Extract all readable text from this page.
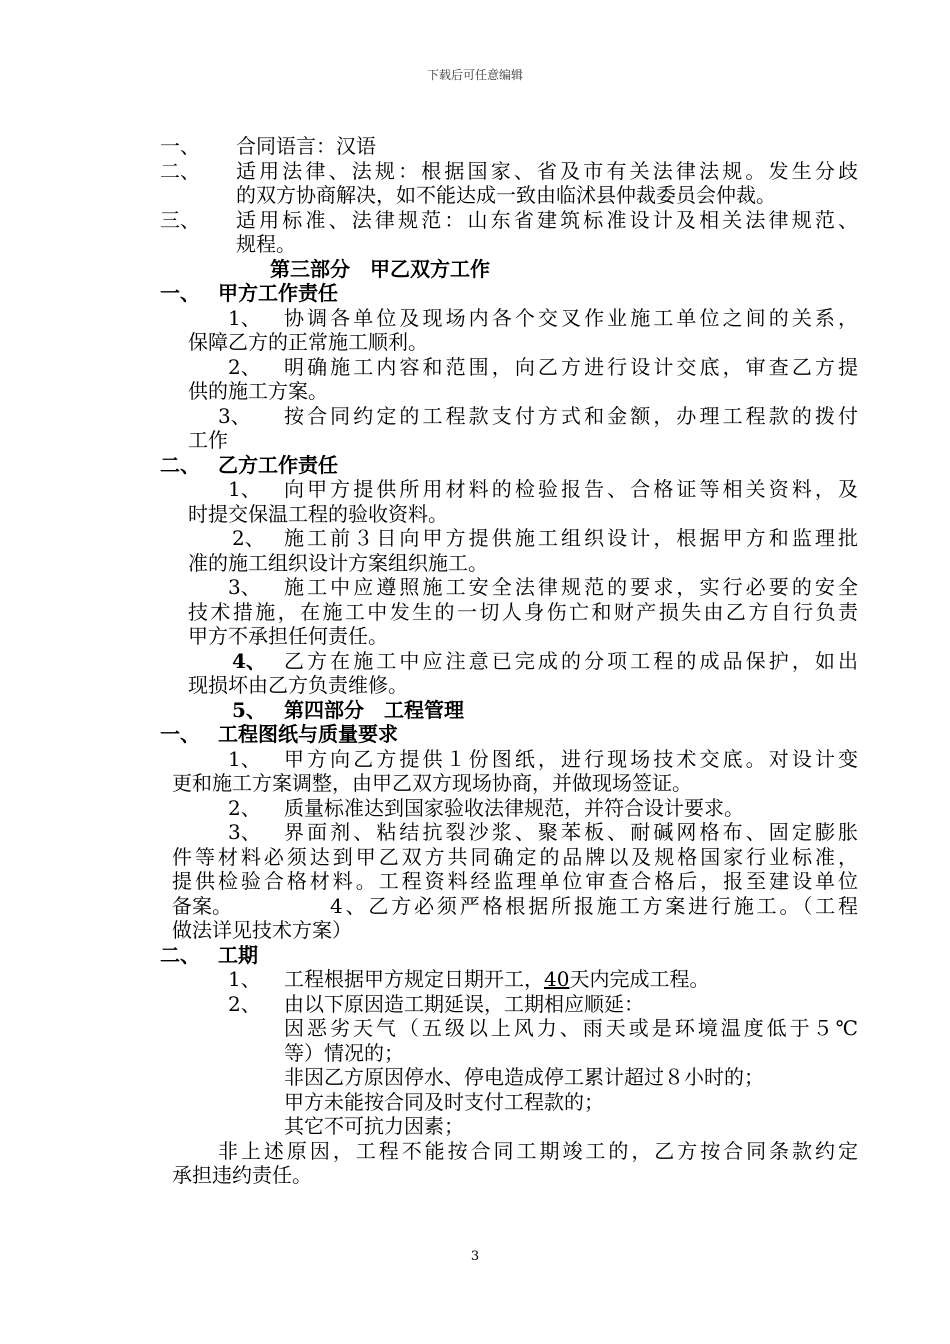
下载后可任意编辑
一、 合同语言：汉语
二、 适用法律、法规：根据国家、省及市有关法律法规。发生分歧
的双方协商解决，如不能达成一致由临沭县仲裁委员会仲裁。
三、 适用标准、法律规范：山东省建筑标准设计及相关法律规范、
规程。
第三部分　甲乙双方工作
一、 甲方工作责任
1、 协调各单位及现场内各个交叉作业施工单位之间的关系，
保障乙方的正常施工顺利。
2、 明确施工内容和范围，向乙方进行设计交底，审查乙方提
供的施工方案。
3、 按合同约定的工程款支付方式和金额，办理工程款的拨付
工作
二、 乙方工作责任
1、 向甲方提供所用材料的检验报告、合格证等相关资料，及
时提交保温工程的验收资料。
2、 施工前３日向甲方提供施工组织设计，根据甲方和监理批
准的施工组织设计方案组织施工。
3、 施工中应遵照施工安全法律规范的要求，实行必要的安全
技术措施，在施工中发生的一切人身伤亡和财产损失由乙方自行负责
甲方不承担任何责任。
4、 乙方在施工中应注意已完成的分项工程的成品保护，如出
现损坏由乙方负责维修。
5、 第四部分　工程管理
一、 工程图纸与质量要求
1、 甲方向乙方提供１份图纸，进行现场技术交底。对设计变
更和施工方案调整，由甲乙双方现场协商，并做现场签证。
2、 质量标准达到国家验收法律规范，并符合设计要求。
3、 界面剂、粘结抗裂沙浆、聚苯板、耐碱网格布、固定膨胀
件等材料必须达到甲乙双方共同确定的品牌以及规格国家行业标准，
提供检验合格材料。工程资料经监理单位审查合格后，报至建设单位
备案。	4、乙方必须严格根据所报施工方案进行施工。（工程
做法详见技术方案）
二、 工期
1、 工程根据甲方规定日期开工，40天内完成工程。
2、 由以下原因造工期延误，工期相应顺延：
因恶劣天气（五级以上风力、雨天或是环境温度低于５℃
等）情况的；
非因乙方原因停水、停电造成停工累计超过８小时的；
甲方未能按合同及时支付工程款的；
其它不可抗力因素；
非上述原因，工程不能按合同工期竣工的，乙方按合同条款约定
承担违约责任。
3
